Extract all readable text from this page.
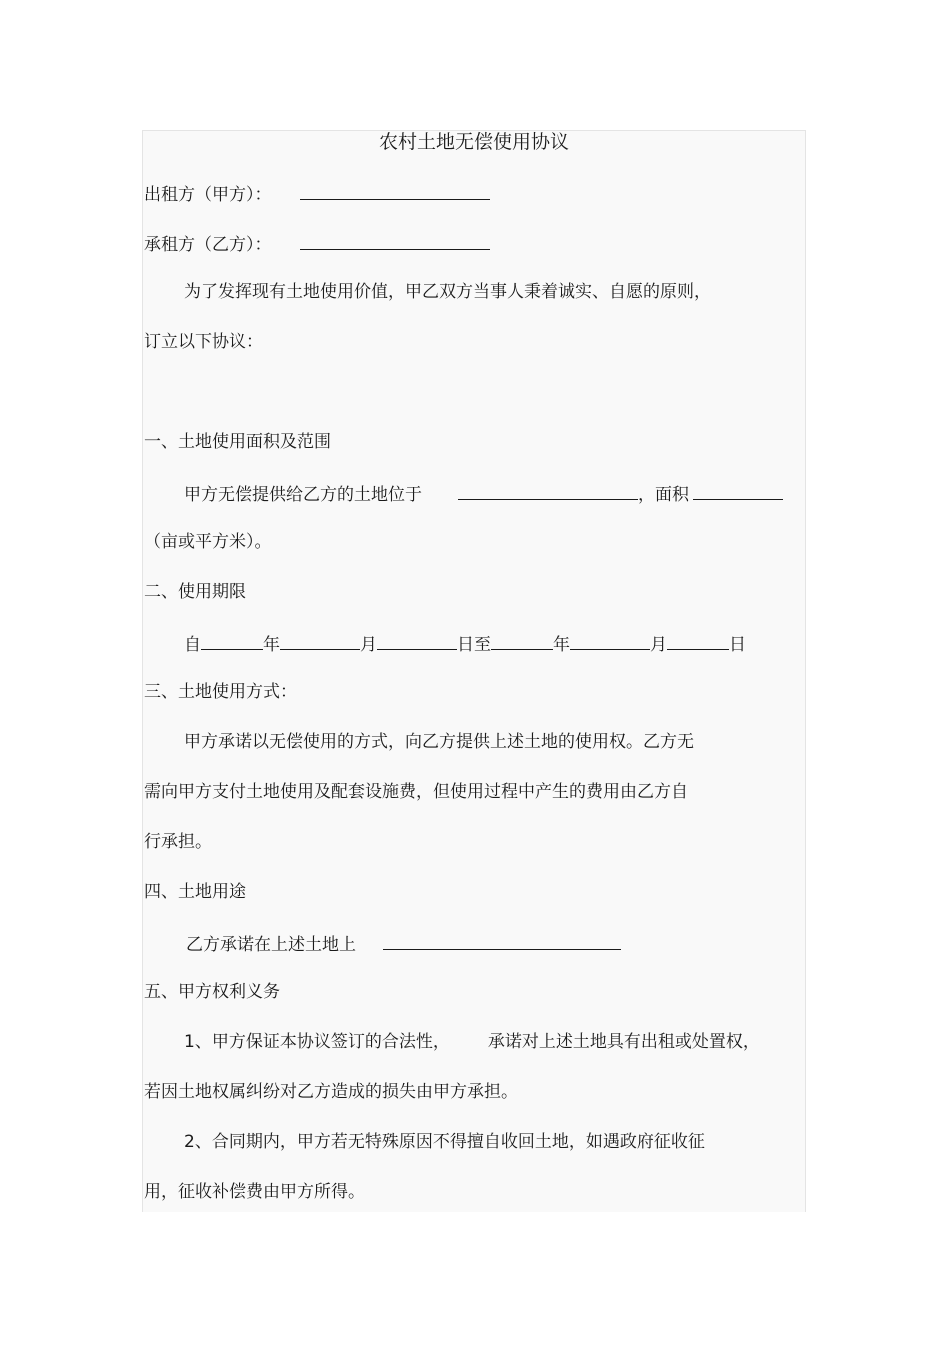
农村土地无偿使用协议
出租方（甲方）：
承租方（乙方）：
为了发挥现有土地使用价值，甲乙双方当事人秉着诚实、自愿的原则，
订立以下协议：
一、土地使用面积及范围
甲方无偿提供给乙方的土地位于	，面积
（亩或平方米）。
二、使用期限
自	年	月	日至	年	月	日
三、土地使用方式：
甲方承诺以无偿使用的方式，向乙方提供上述土地的使用权。乙方无
需向甲方支付土地使用及配套设施费，但使用过程中产生的费用由乙方自
行承担。
四、土地用途
乙方承诺在上述土地上
五、甲方权利义务
1、甲方保证本协议签订的合法性， 承诺对上述土地具有出租或处置权，
若因土地权属纠纷对乙方造成的损失由甲方承担。
2、合同期内，甲方若无特殊原因不得擅自收回土地，如遇政府征收征
用，征收补偿费由甲方所得。
